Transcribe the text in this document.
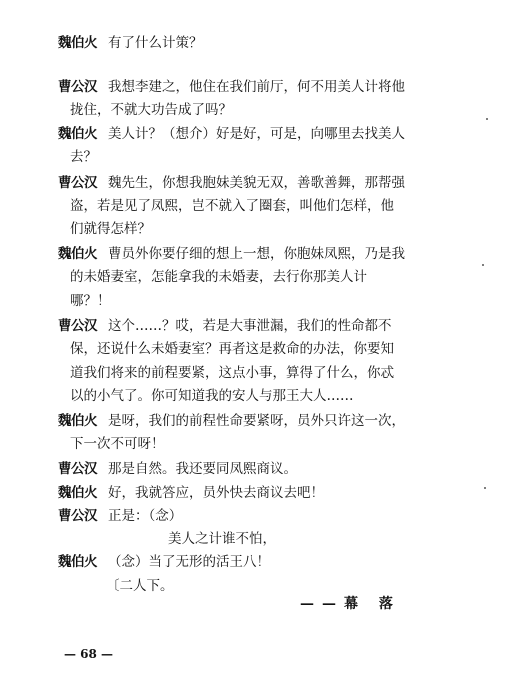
魏伯火 有了什么计策？
曹公汉 我想李建之，他住在我们前厅，何不用美人计将他
拢住，不就大功告成了吗？
魏伯火 美人计？（想介）好是好，可是，向哪里去找美人
去？
曹公汉 魏先生，你想我胞妹美貌无双，善歌善舞，那帮强
盗，若是见了凤熙，岂不就入了圈套，叫他们怎样，他
们就得怎样？
魏伯火 曹员外你要仔细的想上一想，你胞妹凤熙，乃是我
的未婚妻室，怎能拿我的未婚妻，去行你那美人计
哪？！
曹公汉 这个……？哎，若是大事泄漏，我们的性命都不
保，还说什么未婚妻室？再者这是救命的办法，你要知
道我们将来的前程要紧，这点小事，算得了什么，你忒
以的小气了。你可知道我的安人与那王大人……
魏伯火 是呀，我们的前程性命要紧呀，员外只许这一次，
下一次不可呀！
曹公汉 那是自然。我还要同凤熙商议。
魏伯火 好，我就答应，员外快去商议去吧！
曹公汉 正是：（念）
美人之计谁不怕，
魏伯火 （念）当了无形的活王八！
〔二人下。
——幕 落
— 68 —
